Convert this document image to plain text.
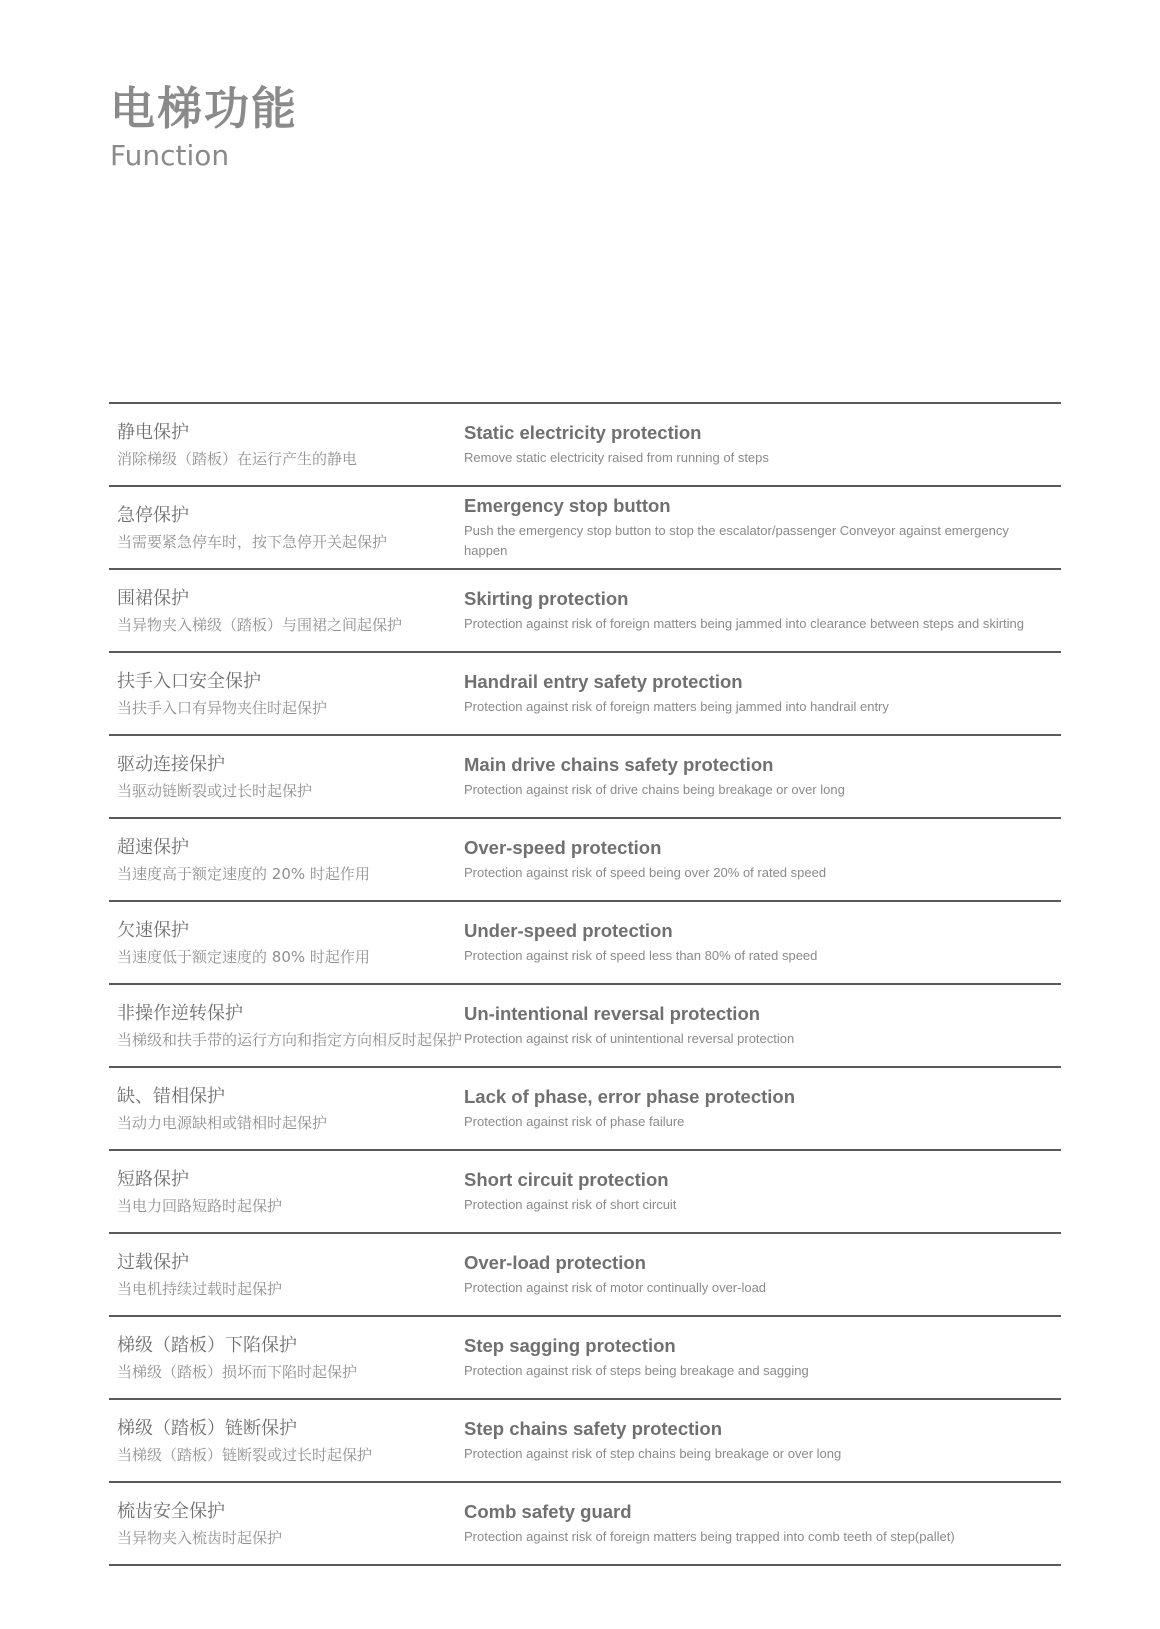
电梯功能
Function
静电保护
消除梯级（踏板）在运行产生的静电
Static electricity protection
Remove static electricity raised from running of steps
急停保护
当需要紧急停车时，按下急停开关起保护
Emergency stop button
Push the emergency stop button to stop the escalator/passenger Conveyor against emergency happen
围裙保护
当异物夹入梯级（踏板）与围裙之间起保护
Skirting protection
Protection against risk of foreign matters being jammed into clearance between steps and skirting
扶手入口安全保护
当扶手入口有异物夹住时起保护
Handrail entry safety protection
Protection against risk of foreign matters being jammed into handrail entry
驱动连接保护
当驱动链断裂或过长时起保护
Main drive chains safety protection
Protection against risk of drive chains being breakage or over long
超速保护
当速度高于额定速度的 20% 时起作用
Over-speed protection
Protection against risk of speed being over 20% of rated speed
欠速保护
当速度低于额定速度的 80% 时起作用
Under-speed protection
Protection against risk of speed less than 80% of rated speed
非操作逆转保护
当梯级和扶手带的运行方向和指定方向相反时起保护
Un-intentional reversal protection
Protection against risk of unintentional reversal protection
缺、错相保护
当动力电源缺相或错相时起保护
Lack of phase, error phase protection
Protection against risk of phase failure
短路保护
当电力回路短路时起保护
Short circuit protection
Protection against risk of short circuit
过载保护
当电机持续过载时起保护
Over-load protection
Protection against risk of motor continually over-load
梯级（踏板）下陷保护
当梯级（踏板）损坏而下陷时起保护
Step sagging protection
Protection against risk of steps being breakage and sagging
梯级（踏板）链断保护
当梯级（踏板）链断裂或过长时起保护
Step chains safety protection
Protection against risk of step chains being breakage or over long
梳齿安全保护
当异物夹入梳齿时起保护
Comb safety guard
Protection against risk of foreign matters being trapped into comb teeth of step(pallet)
